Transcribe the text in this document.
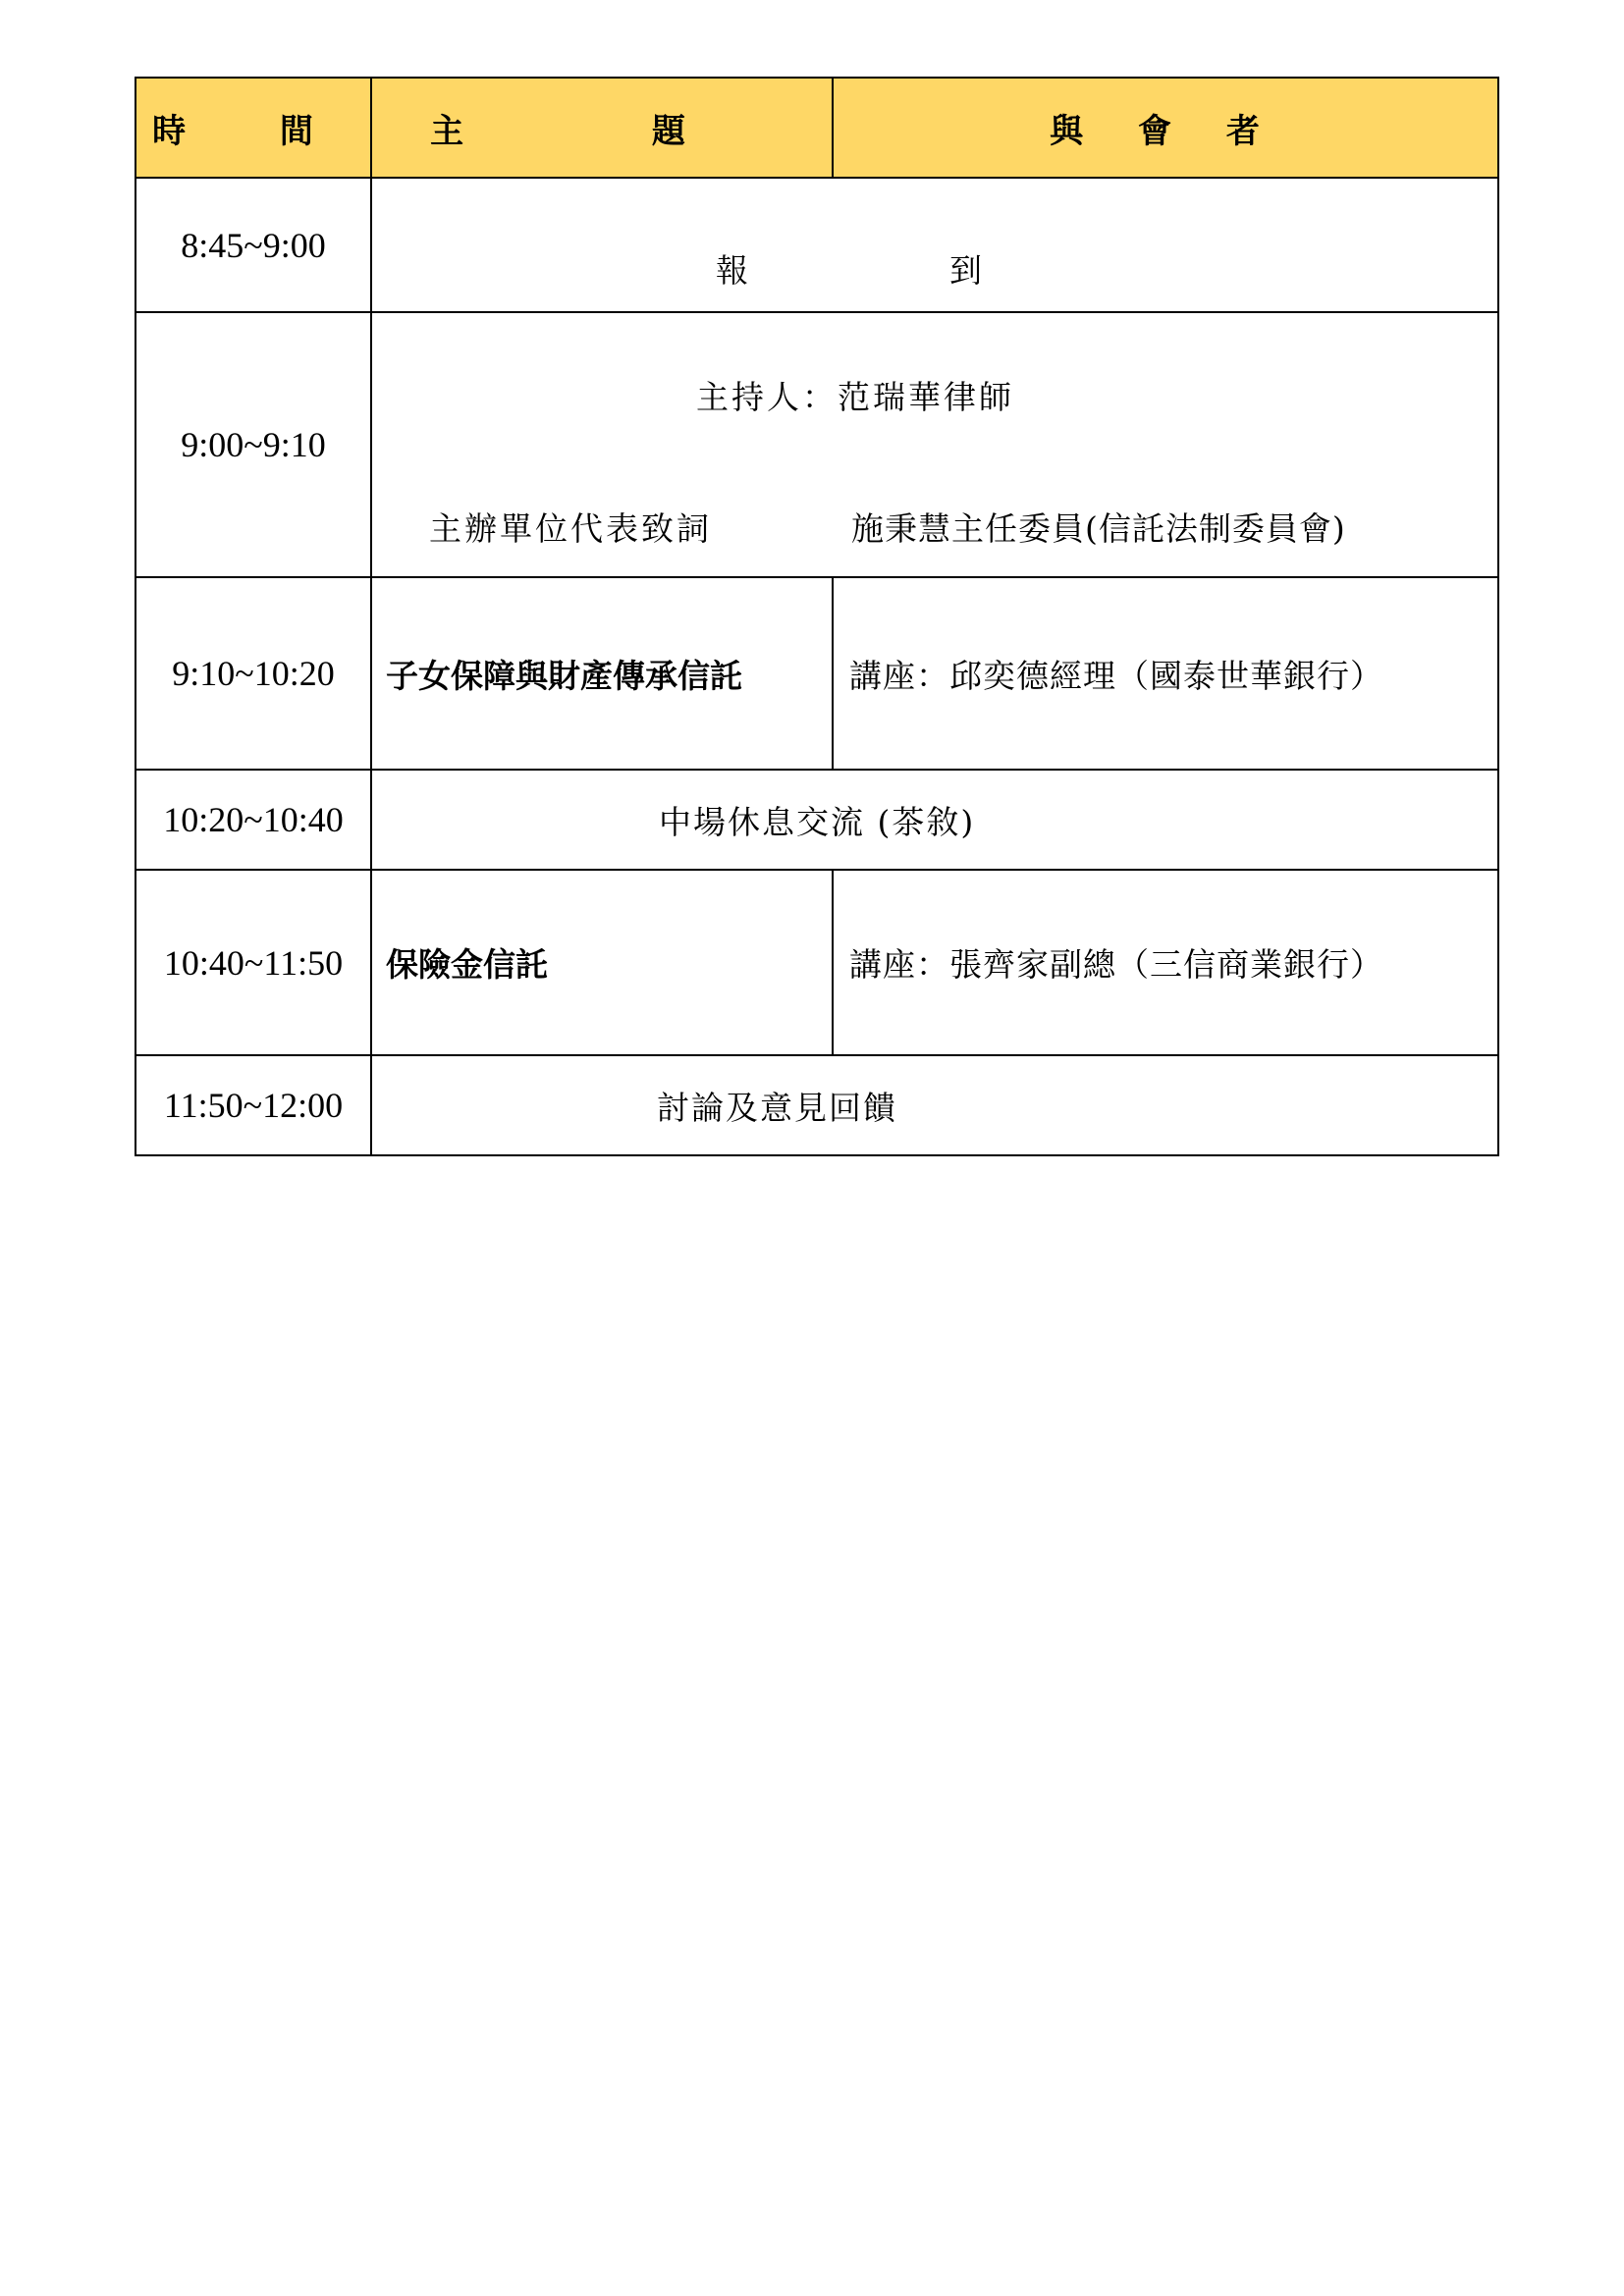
時 間	主 題	與 會 者
8:45~9:00	報 到	

9:00~9:10	主持人：范瑞華律師
主辦單位代表致詞 施秉慧主任委員(信託法制委員會)	

9:10~10:20	子女保障與財產傳承信託	講座：邱奕德經理（國泰世華銀行）
10:20~10:40	中場休息交流 (茶敘)	
10:40~11:50	保險金信託	講座：張齊家副總（三信商業銀行）
11:50~12:00	討論及意見回饋	
